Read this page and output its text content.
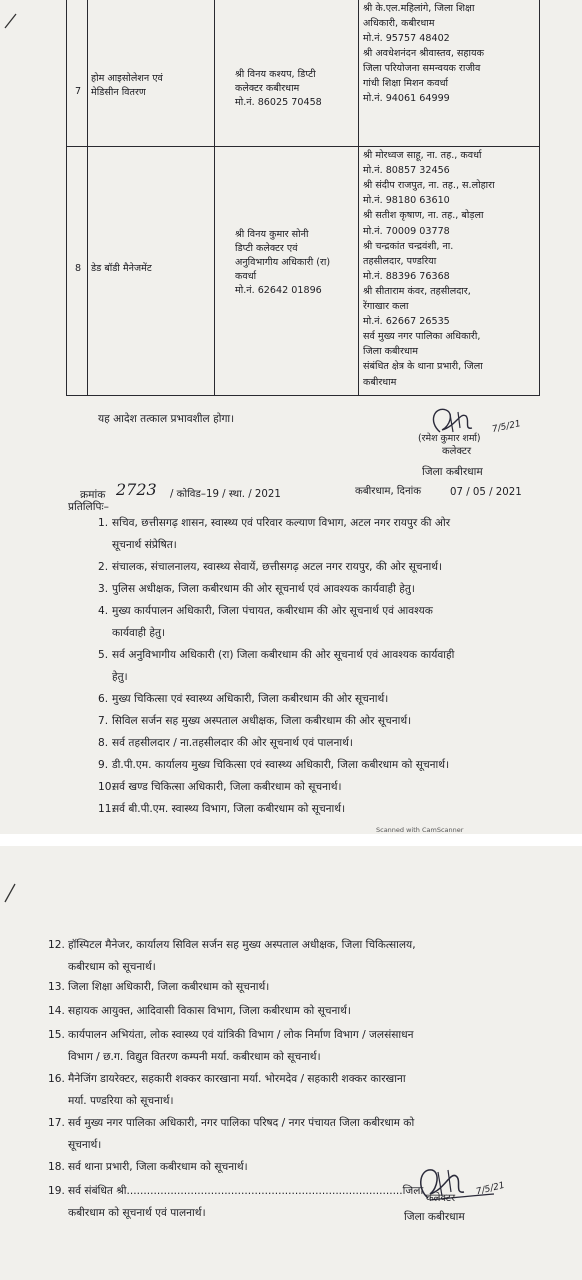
7
होम आइसोलेशन एवं
मेडिसीन वितरण
श्री विनय कश्यप, डिप्टी
कलेक्टर कबीरधाम
मो.नं. 86025 70458
श्री के.एल.महिलांगे, जिला शिक्षा
अधिकारी, कबीरधाम
मो.नं. 95757 48402
श्री अवधेशनंदन श्रीवास्तव, सहायक
जिला परियोजना समन्वयक राजीव
गांधी शिक्षा मिशन कवर्धा
मो.नं. 94061 64999
8 डेड बॉडी मैनेजमेंट
श्री विनय कुमार सोनी
डिप्टी कलेक्टर एवं
अनुविभागीय अधिकारी (रा)
कवर्धा
मो.नं. 62642 01896
श्री मोरध्वज साहू, ना. तह., कवर्धा
मो.नं. 80857 32456
श्री संदीप राजपुत, ना. तह., स.लोहारा
मो.नं. 98180 63610
श्री सतीश कृषाण, ना. तह., बोड़ला
मो.नं. 70009 03778
श्री चन्द्रकांत चन्द्रवंशी, ना.
तहसीलदार, पण्डरिया
मो.नं. 88396 76368
श्री सीताराम कंवर, तहसीलदार,
रेंगाखार कला
मो.नं. 62667 26535
सर्व मुख्य नगर पालिका अधिकारी,
जिला कबीरधाम
संबंधित क्षेत्र के थाना प्रभारी, जिला
कबीरधाम
यह आदेश तत्काल प्रभावशील होगा।
(रमेश कुमार शर्मा)
7/5/21
कलेक्टर
जिला कबीरधाम
क्रमांक 2723 / कोविड–19 / स्था. / 2021	कबीरधाम, दिनांक	07 / 05 / 2021
प्रतिलिपिः–
1. सचिव, छत्तीसगढ़ शासन, स्वास्थ्य एवं परिवार कल्याण विभाग, अटल नगर रायपुर की ओर
सूचनार्थ संप्रेषित।
2. संचालक, संचालनालय, स्वास्थ्य सेवायें, छत्तीसगढ़ अटल नगर रायपुर, की ओर सूचनार्थ।
3. पुलिस अधीक्षक, जिला कबीरधाम की ओर सूचनार्थ एवं आवश्यक कार्यवाही हेतु।
4. मुख्य कार्यपालन अधिकारी, जिला पंचायत, कबीरधाम की ओर सूचनार्थ एवं आवश्यक
कार्यवाही हेतु।
5. सर्व अनुविभागीय अधिकारी (रा) जिला कबीरधाम की ओर सूचनार्थ एवं आवश्यक कार्यवाही
हेतु।
6. मुख्य चिकित्सा एवं स्वास्थ्य अधिकारी, जिला कबीरधाम की ओर सूचनार्थ।
7. सिविल सर्जन सह मुख्य अस्पताल अधीक्षक, जिला कबीरधाम की ओर सूचनार्थ।
8. सर्व तहसीलदार / ना.तहसीलदार की ओर सूचनार्थ एवं पालनार्थ।
9. डी.पी.एम. कार्यालय मुख्य चिकित्सा एवं स्वास्थ्य अधिकारी, जिला कबीरधाम को सूचनार्थ।
10.
सर्व खण्ड चिकित्सा अधिकारी, जिला कबीरधाम को सूचनार्थ।
11.
सर्व बी.पी.एम. स्वास्थ्य विभाग, जिला कबीरधाम को सूचनार्थ।
Scanned with CamScanner
12. हॉस्पिटल मैनेजर, कार्यालय सिविल सर्जन सह मुख्य अस्पताल अधीक्षक, जिला चिकित्सालय,
कबीरधाम को सूचनार्थ।
13. जिला शिक्षा अधिकारी, जिला कबीरधाम को सूचनार्थ।
14. सहायक आयुक्त, आदिवासी विकास विभाग, जिला कबीरधाम को सूचनार्थ।
15. कार्यपालन अभियंता, लोक स्वास्थ्य एवं यांत्रिकी विभाग / लोक निर्माण विभाग / जलसंसाधन
विभाग / छ.ग. विद्युत वितरण कम्पनी मर्या. कबीरधाम को सूचनार्थ।
16. मैनेजिंग डायरेक्टर, सहकारी शक्कर कारखाना मर्या. भोरमदेव / सहकारी शक्कर कारखाना
मर्या. पण्डरिया को सूचनार्थ।
17. सर्व मुख्य नगर पालिका अधिकारी, नगर पालिका परिषद / नगर पंचायत जिला कबीरधाम को
सूचनार्थ।
18. सर्व थाना प्रभारी, जिला कबीरधाम को सूचनार्थ।
19. सर्व संबंधित श्री..................................................................................जिला
कबीरधाम को सूचनार्थ एवं पालनार्थ।
कलेक्टर
7/5/21
जिला कबीरधाम
